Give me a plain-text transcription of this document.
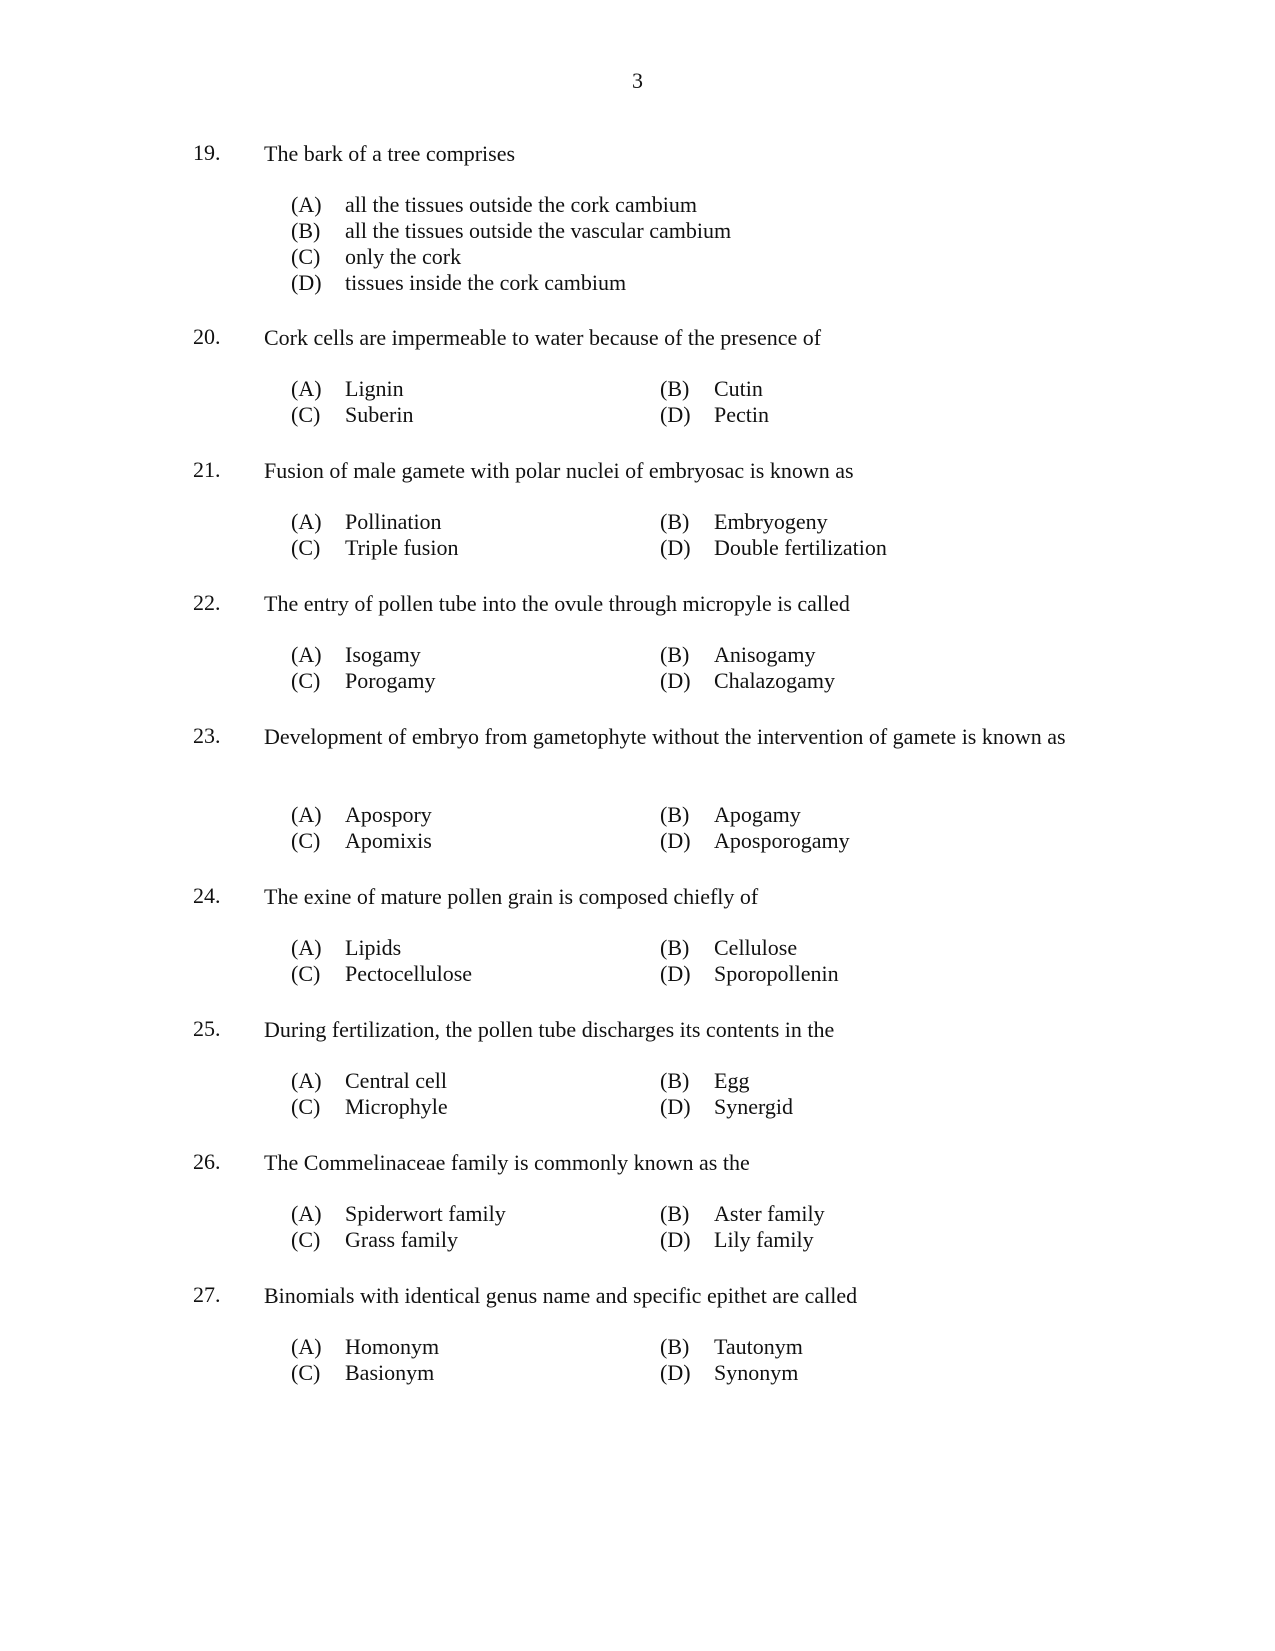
3
19. The bark of a tree comprises
(A) all the tissues outside the cork cambium
(B) all the tissues outside the vascular cambium
(C) only the cork
(D) tissues inside the cork cambium
20. Cork cells are impermeable to water because of the presence of
(A) Lignin	(B) Cutin
(C) Suberin	(D) Pectin
21. Fusion of male gamete with polar nuclei of embryosac is known as
(A) Pollination	(B) Embryogeny
(C) Triple fusion	(D) Double fertilization
22. The entry of pollen tube into the ovule through micropyle is called
(A) Isogamy	(B) Anisogamy
(C) Porogamy	(D) Chalazogamy
23. Development of embryo from gametophyte without the intervention of gamete is known as
(A) Apospory	(B) Apogamy
(C) Apomixis	(D) Aposporogamy
24. The exine of mature pollen grain is composed chiefly of
(A) Lipids	(B) Cellulose
(C) Pectocellulose	(D) Sporopollenin
25. During fertilization, the pollen tube discharges its contents in the
(A) Central cell	(B) Egg
(C) Microphyle	(D) Synergid
26. The Commelinaceae family is commonly known as the
(A) Spiderwort family	(B) Aster family
(C) Grass family	(D) Lily family
27. Binomials with identical genus name and specific epithet are called
(A) Homonym	(B) Tautonym
(C) Basionym	(D) Synonym
